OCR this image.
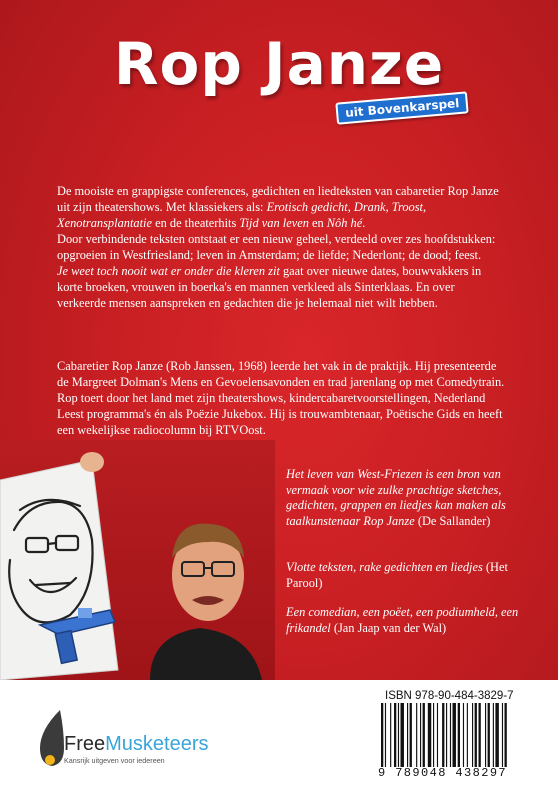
Rop Janze
uit Bovenkarspel

De mooiste en grappigste conferences, gedichten en liedteksten van cabaretier Rop Janze uit zijn theatershows. Met klassiekers als: Erotisch gedicht, Drank, Troost, Xenotransplantatie en de theaterhits Tijd van leven en Nôh hé.

Door verbindende teksten ontstaat er een nieuw geheel, verdeeld over zes hoofdstukken: opgroeien in Westfriesland; leven in Amsterdam; de liefde; Nederlont; de dood; feest.

Je weet toch nooit wat er onder die kleren zit gaat over nieuwe dates, bouwvakkers in korte broeken, vrouwen in boerka's en mannen verkleed als Sinterklaas. En over verkeerde mensen aanspreken en gedachten die je helemaal niet wilt hebben.

Cabaretier Rop Janze (Rob Janssen, 1968) leerde het vak in de praktijk. Hij presenteerde de Margreet Dolman's Mens en Gevoelensavonden en trad jarenlang op met Comedytrain. Rop toert door het land met zijn theatershows, kindercabaretvoorstellingen, Nederland Leest programma's én als Poëzie Jukebox. Hij is trouwambtenaar, Poëtische Gids en heeft een wekelijkse radiocolumn bij RTVOost.

Het leven van West-Friezen is een bron van vermaak voor wie zulke prachtige sketches, gedichten, grappen en liedjes kan maken als taalkunstenaar Rop Janze (De Sallander)

Vlotte teksten, rake gedichten en liedjes (Het Parool)

Een comedian, een poëet, een podiumheld, een frikandel (Jan Jaap van der Wal)

FreeMusketeers
Kansrijk uitgeven voor iedereen
ISBN 978-90-484-3829-7
9 789048 438297
